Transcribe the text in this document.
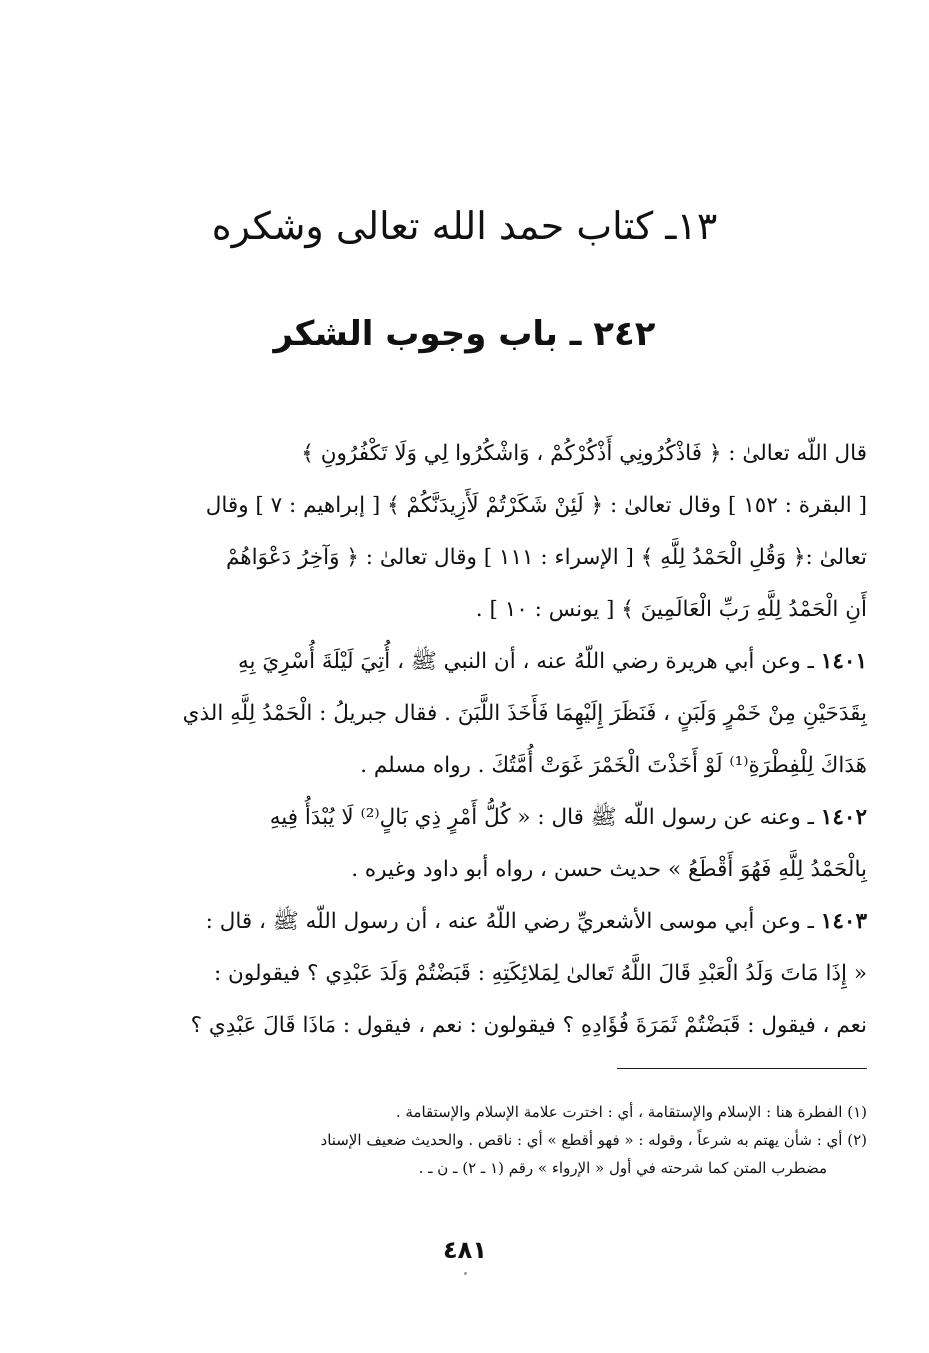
١٣ـ كتاب حمد الله تعالى وشكره
٢٤٢ ـ باب وجوب الشكر

قال اللّه تعالىٰ : ﴿ فَاذْكُرُونِي أَذْكُرْكُمْ ، وَاشْكُرُوا لِي وَلَا تَكْفُرُونِ ﴾
[ البقرة : ١٥٢ ] وقال تعالىٰ : ﴿ لَئِنْ شَكَرْتُمْ لَأَزِيدَنَّكُمْ ﴾ [ إبراهيم : ٧ ] وقال
تعالىٰ :﴿ وَقُلِ الْحَمْدُ لِلَّهِ ﴾ [ الإسراء : ١١١ ] وقال تعالىٰ : ﴿ وَآخِرُ دَعْوَاهُمْ
أَنِ الْحَمْدُ لِلَّهِ رَبِّ الْعَالَمِينَ ﴾ [ يونس : ١٠ ] .

١٤٠١ ـ وعن أبي هريرة رضي اللّهُ عنه ، أن النبي ﷺ ، أُتِيَ لَيْلَةَ أُسْرِيَ بِهِ
بِقَدَحَيْنِ مِنْ خَمْرٍ وَلَبَنٍ ، فَنَظَرَ إِلَيْهِمَا فَأَخَذَ اللَّبَنَ . فقال جبريلُ : الْحَمْدُ لِلَّهِ الذي
هَدَاكَ لِلْفِطْرَةِ⁽¹⁾ لَوْ أَخَذْتَ الْخَمْرَ غَوَتْ أُمَّتُكَ . رواه مسلم .

١٤٠٢ ـ وعنه عن رسول اللّه ﷺ قال : « كُلُّ أَمْرٍ ذِي بَالٍ⁽²⁾ لَا يُبْدَأُ فِيهِ
بِالْحَمْدُ لِلَّهِ فَهُوَ أَقْطَعُ » حديث حسن ، رواه أبو داود وغيره .

١٤٠٣ ـ وعن أبي موسى الأشعريِّ رضي اللّهُ عنه ، أن رسول اللّه ﷺ ، قال :
« إِذَا مَاتَ وَلَدُ الْعَبْدِ قَالَ اللَّهُ تَعالىٰ لِمَلائِكَتِهِ : قَبَضْتُمْ وَلَدَ عَبْدِي ؟ فيقولون :
نعم ، فيقول : قَبَضْتُمْ ثَمَرَةَ فُؤَادِهِ ؟ فيقولون : نعم ، فيقول : مَاذَا قَالَ عَبْدِي ؟

(١) الفطرة هنا : الإسلام والإستقامة ، أي : اخترت علامة الإسلام والإستقامة .
(٢) أي : شأن يهتم به شرعاً ، وقوله : « فهو أقطع » أي : ناقص . والحديث ضعيف الإسناد
مضطرب المتن كما شرحته في أول « الإرواء » رقم (١ ـ ٢) ـ ن ـ .
٤٨١
